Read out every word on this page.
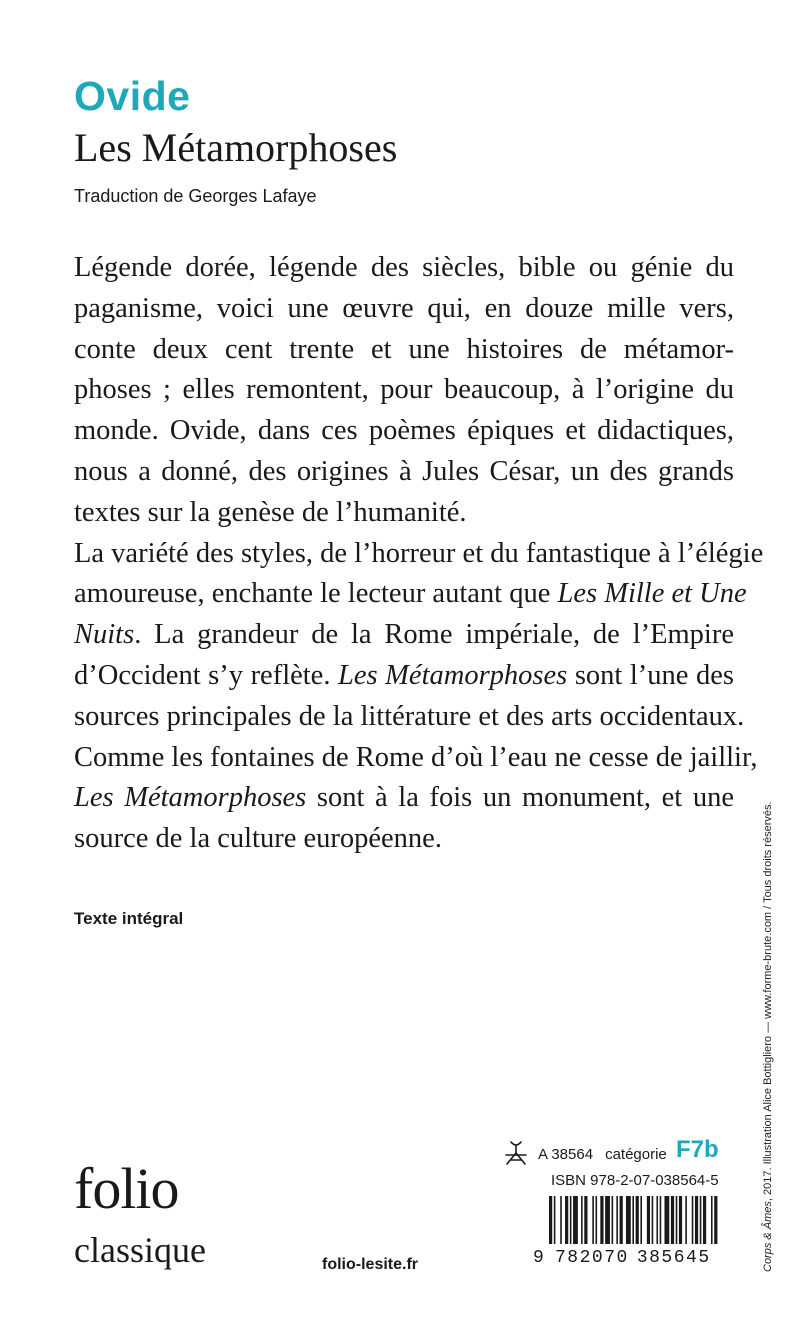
Ovide
Les Métamorphoses
Traduction de Georges Lafaye

Légende dorée, légende des siècles, bible ou génie du
paganisme, voici une œuvre qui, en douze mille vers,
conte deux cent trente et une histoires de métamor-
phoses ; elles remontent, pour beaucoup, à l’origine du
monde. Ovide, dans ces poèmes épiques et didactiques,
nous a donné, des origines à Jules César, un des grands
textes sur la genèse de l’humanité.

La variété des styles, de l’horreur et du fantastique à l’élégie
amoureuse, enchante le lecteur autant que Les Mille et Une
Nuits. La grandeur de la Rome impériale, de l’Empire
d’Occident s’y reflète. Les Métamorphoses sont l’une des
sources principales de la littérature et des arts occidentaux.
Comme les fontaines de Rome d’où l’eau ne cesse de jaillir,
Les Métamorphoses sont à la fois un monument, et une
source de la culture européenne.

Texte intégral
Corps & Âmes, 2017. Illustration Alice Bottigliero — www.forme-brute.com / Tous droits réservés.
folio
classique	folio-lesite.fr
A 38564 catégorie F7b
ISBN 978-2-07-038564-5
9 782070 385645
